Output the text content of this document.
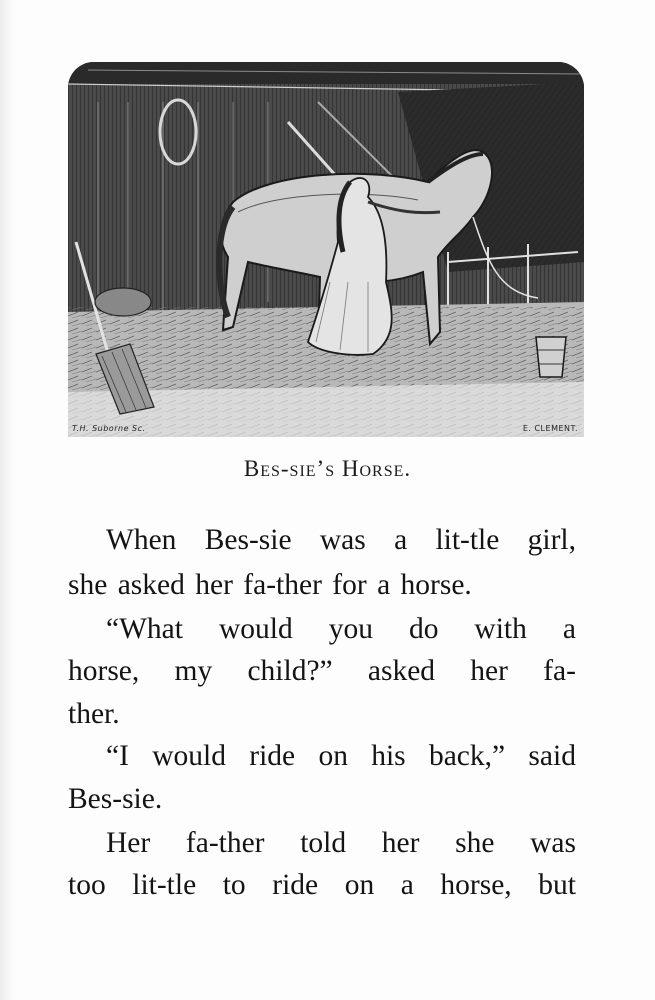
T.H. Suborne Sc.	E. CLEMENT.
Bes-sie’s Horse.
When Bes-sie was a lit-tle girl,
she asked her fa-ther for a horse.
“What would you do with a
horse, my child?” asked her fa-
ther.
“I would ride on his back,” said
Bes-sie.
Her fa-ther told her she was
too lit-tle to ride on a horse, but
